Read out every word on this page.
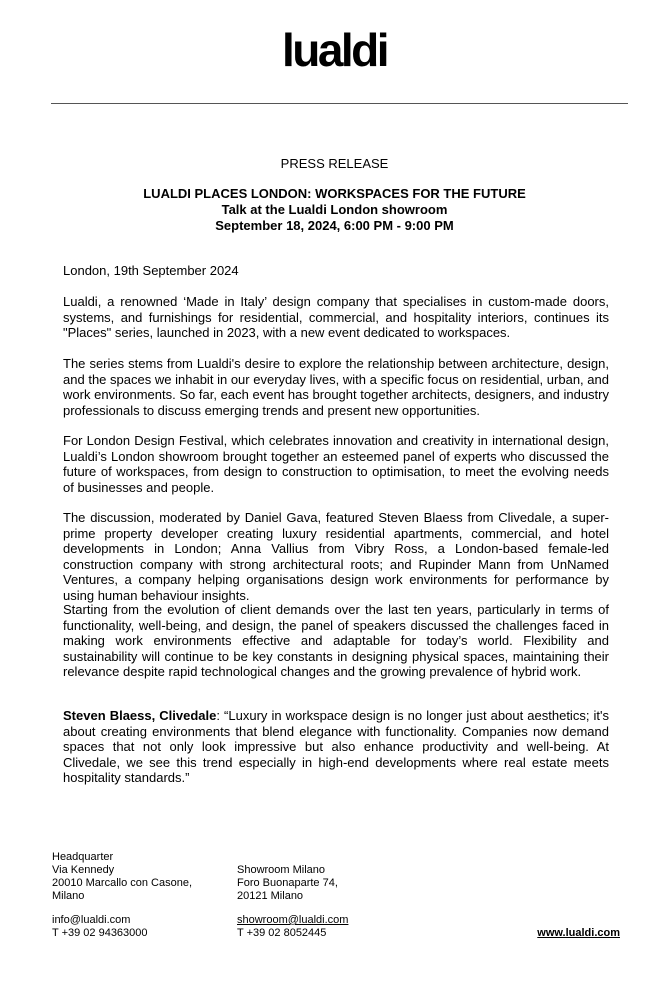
lualdi
PRESS RELEASE
LUALDI PLACES LONDON: WORKSPACES FOR THE FUTURE
Talk at the Lualdi London showroom
September 18, 2024, 6:00 PM - 9:00 PM
London, 19th September 2024

Lualdi, a renowned ‘Made in Italy’ design company that specialises in custom-made doors, systems, and furnishings for residential, commercial, and hospitality interiors, continues its "Places" series, launched in 2023, with a new event dedicated to workspaces.

The series stems from Lualdi's desire to explore the relationship between architecture, design, and the spaces we inhabit in our everyday lives, with a specific focus on residential, urban, and work environments. So far, each event has brought together architects, designers, and industry professionals to discuss emerging trends and present new opportunities.

For London Design Festival, which celebrates innovation and creativity in international design, Lualdi’s London showroom brought together an esteemed panel of experts who discussed the future of workspaces, from design to construction to optimisation, to meet the evolving needs of businesses and people.

The discussion, moderated by Daniel Gava, featured Steven Blaess from Clivedale, a super-prime property developer creating luxury residential apartments, commercial, and hotel developments in London; Anna Vallius from Vibry Ross, a London-based female-led construction company with strong architectural roots; and Rupinder Mann from UnNamed Ventures, a company helping organisations design work environments for performance by using human behaviour insights.

Starting from the evolution of client demands over the last ten years, particularly in terms of functionality, well-being, and design, the panel of speakers discussed the challenges faced in making work environments effective and adaptable for today’s world. Flexibility and sustainability will continue to be key constants in designing physical spaces, maintaining their relevance despite rapid technological changes and the growing prevalence of hybrid work.

Steven Blaess, Clivedale: “Luxury in workspace design is no longer just about aesthetics; it's about creating environments that blend elegance with functionality. Companies now demand spaces that not only look impressive but also enhance productivity and well-being. At Clivedale, we see this trend especially in high-end developments where real estate meets hospitality standards.”

Headquarter
Via Kennedy
20010 Marcallo con Casone,
Milano
info@lualdi.com
T +39 02 94363000
Showroom Milano
Foro Buonaparte 74,
20121 Milano
showroom@lualdi.com
T +39 02 8052445	www.lualdi.com
